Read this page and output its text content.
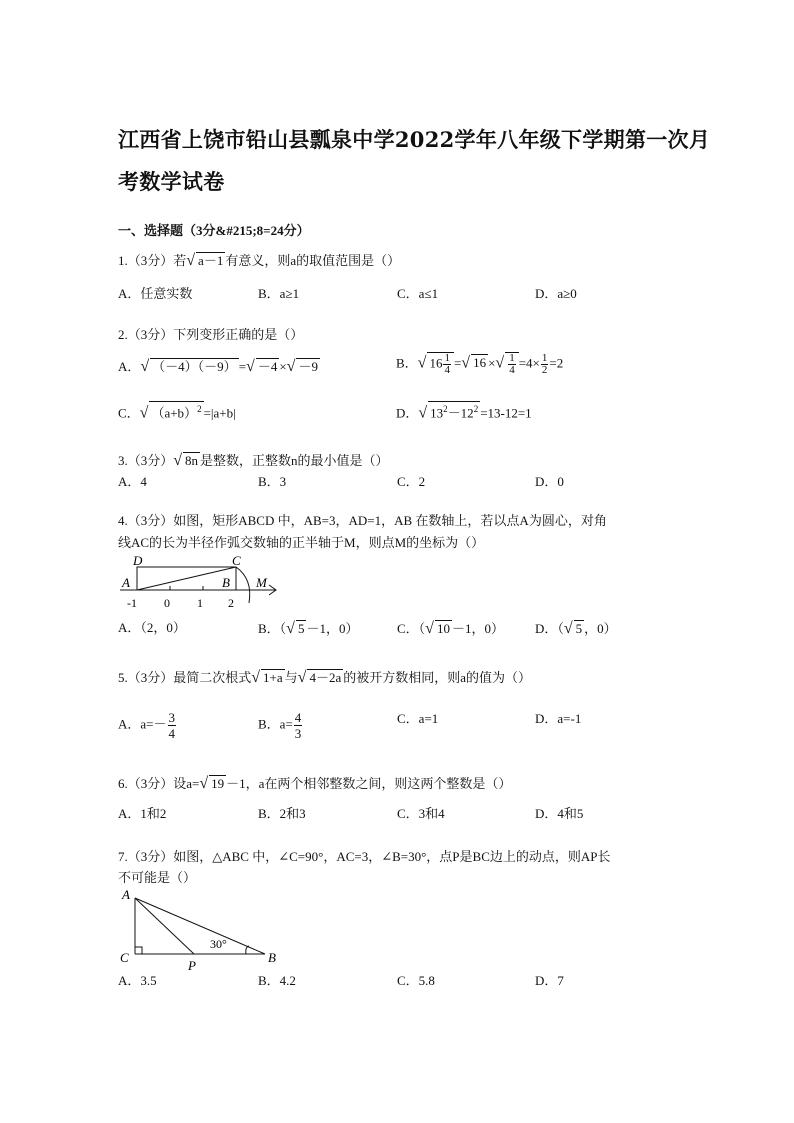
江西省上饶市铅山县瓢泉中学2022学年八年级下学期第一次月
考数学试卷
一、选择题（3分&#215;8=24分）
1.（3分）若√ a－1 有意义，则a的取值范围是（）
A．任意实数	B．a≥1	C．a≤1	D．a≥0
2.（3分）下列变形正确的是（）
A．√ （－4）（－9） =√ －4 ×√ －9	B．√ $16 \frac{1}{4}$ =√ 16 ×√ $\frac{1}{4} =4\times \frac{1}{2} =2$
C．√ $(a+b)^2 =|a+b|$	D．√ $13^2-12^2 =13-12=1$
3.（3分）√ 8n 是整数，正整数n的最小值是（）
A．4	B．3	C．2	D．0
4.（3分）如图，矩形ABCD 中，AB=3，AD=1，AB 在数轴上，若以点A为圆心，对角
线AC的长为半径作弧交数轴的正半轴于M，则点M的坐标为（）
D	C
A	B M
-1 0 1 2
A．（2，0）	B．（√ 5 －1，0）	C．（√ 10 －1，0） D．（√ 5 ，0）
5.（3分）最简二次根式√ 1+a 与√ 4－2a 的被开方数相同，则a的值为（）
A．$a=- \frac{3}{4}$	B．$a= \frac{4}{3}$	C．a=1	D．a=-1
6.（3分）设a=√ 19 －1，a在两个相邻整数之间，则这两个整数是（）
A．1和2	B．2和3	C．3和4	D．4和5
7.（3分）如图，△ABC 中，∠C=90°，AC=3，∠B=30°，点P是BC边上的动点，则AP长
不可能是（）
A
C	B
P
30°
A．3.5	B．4.2	C．5.8	D．7
